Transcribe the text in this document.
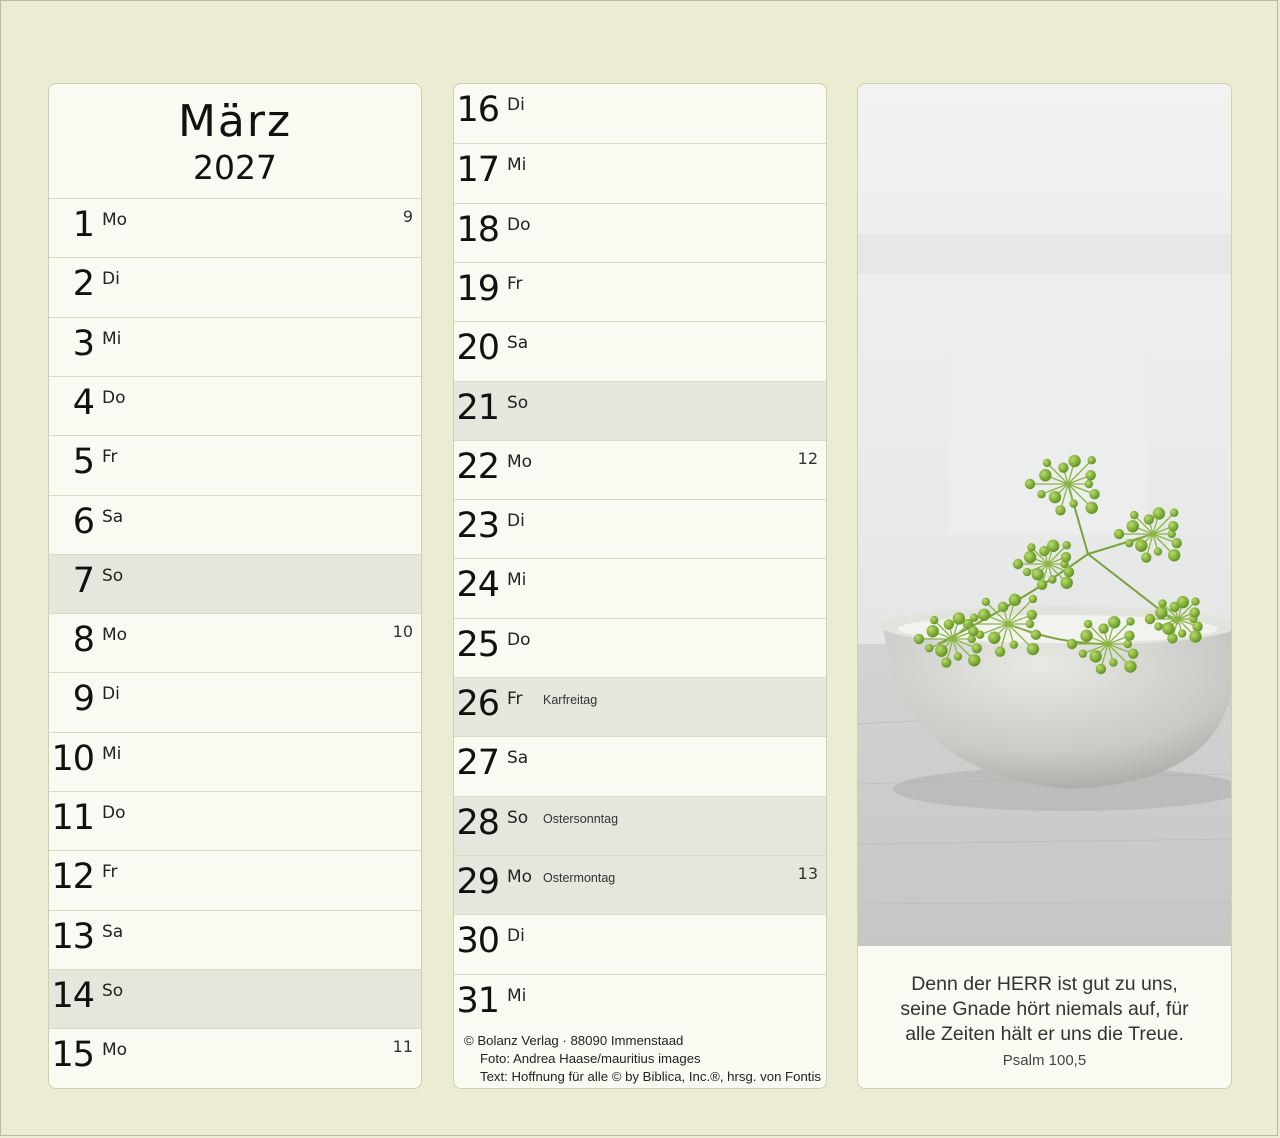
März
2027
1 Mo	9
2 Di
3 Mi
4 Do
5 Fr
6 Sa
7 So
8 Mo	10
9 Di
10 Mi
11 Do
12 Fr
13 Sa
14 So
15 Mo	11
16 Di
17 Mi
18 Do
19 Fr
20 Sa
21 So
22 Mo	12
23 Di
24 Mi
25 Do
26 Fr Karfreitag
27 Sa
28 So Ostersonntag
29 Mo Ostermontag	13
30 Di
31 Mi
© Bolanz Verlag · 88090 Immenstaad
Foto: Andrea Haase/mauritius images
Text: Hoffnung für alle © by Biblica, Inc.®, hrsg. von Fontis
Denn der HERR ist gut zu uns,
seine Gnade hört niemals auf, für
alle Zeiten hält er uns die Treue.
Psalm 100,5
